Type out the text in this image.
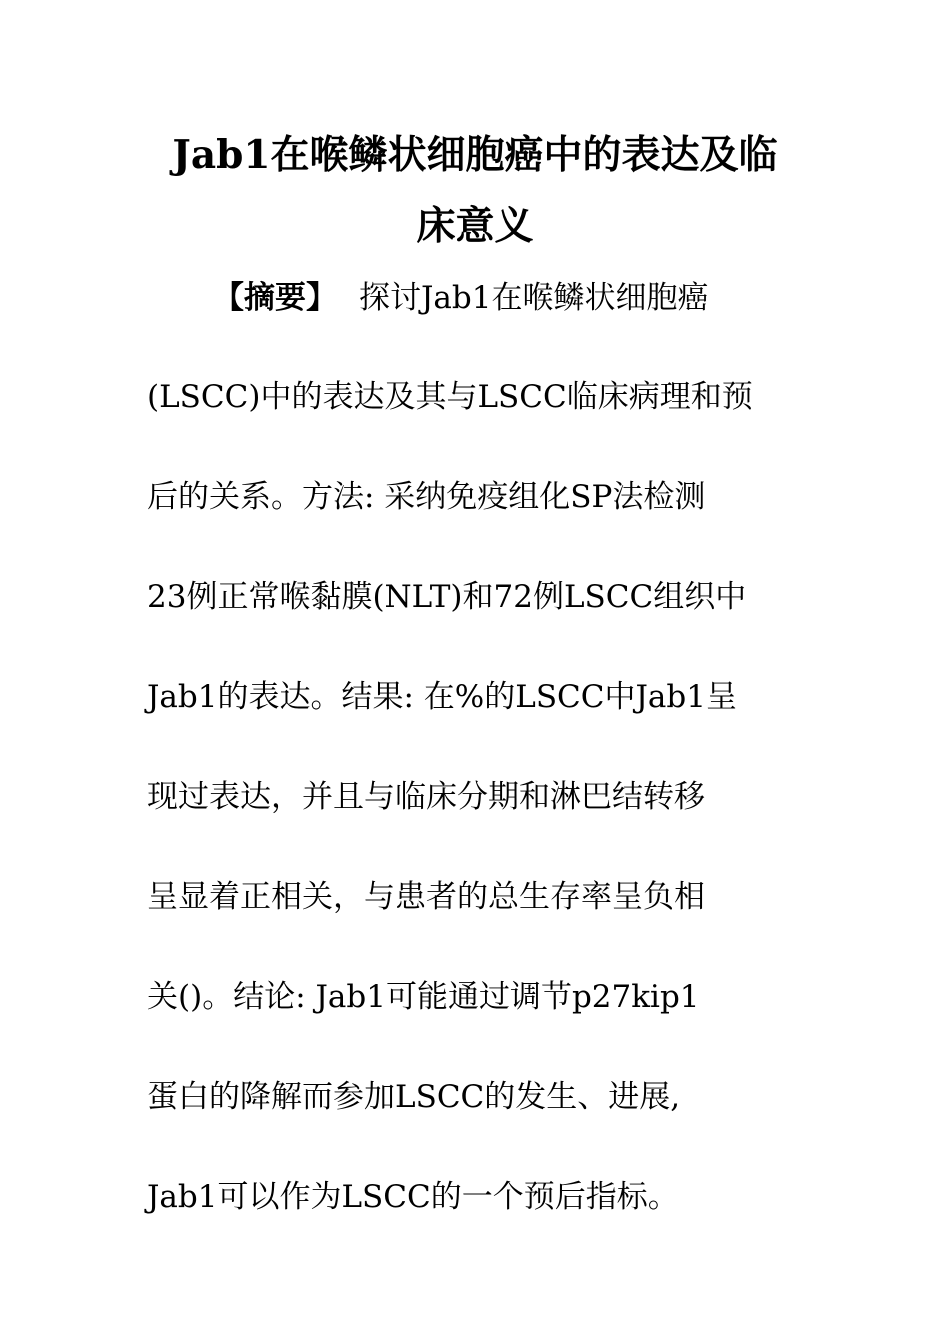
Jab1在喉鳞状细胞癌中的表达及临
床意义
【摘要】 探讨Jab1在喉鳞状细胞癌
(LSCC)中的表达及其与LSCC临床病理和预
后的关系。方法: 采纳免疫组化SP法检测
23例正常喉黏膜(NLT)和72例LSCC组织中
Jab1的表达。结果: 在%的LSCC中Jab1呈
现过表达，并且与临床分期和淋巴结转移
呈显着正相关，与患者的总生存率呈负相
关()。结论: Jab1可能通过调节p27kip1
蛋白的降解而参加LSCC的发生、进展,
Jab1可以作为LSCC的一个预后指标。
